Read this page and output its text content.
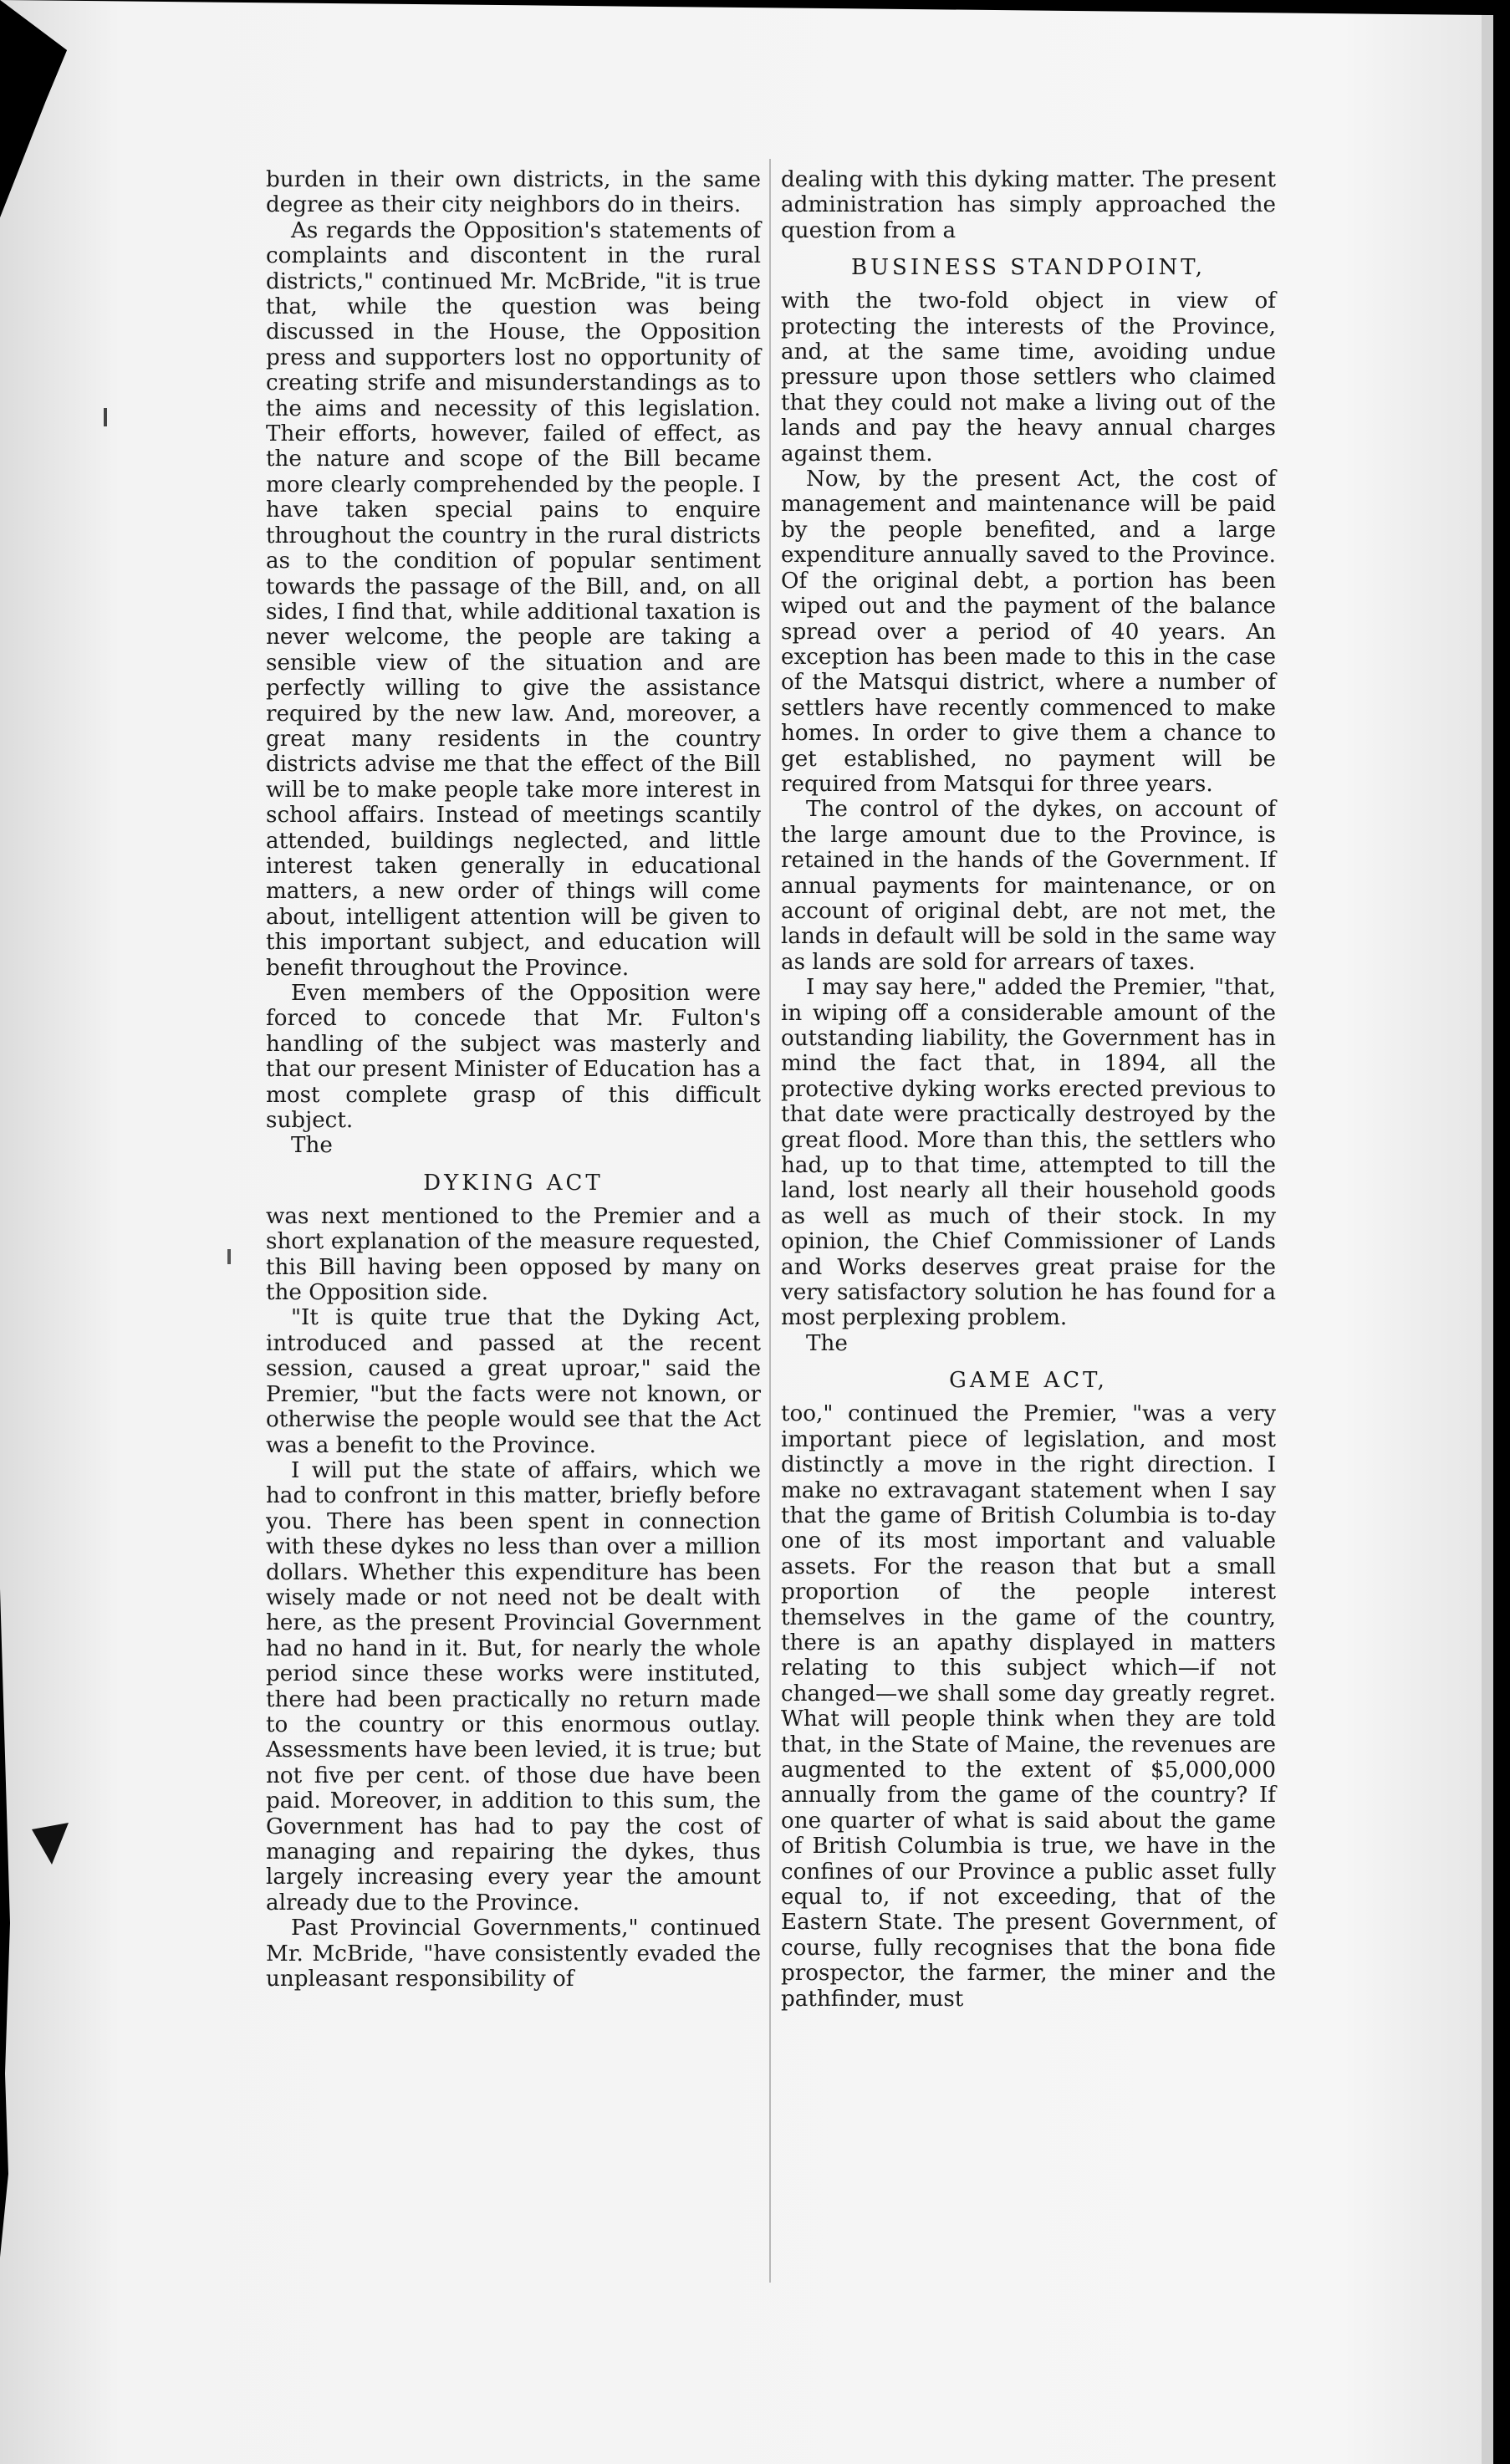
burden in their own districts, in the same degree as their city neighbors do in theirs.

As regards the Opposition's statements of complaints and discontent in the rural districts," continued Mr. McBride, "it is true that, while the question was being discussed in the House, the Opposition press and supporters lost no opportunity of creating strife and misunderstandings as to the aims and necessity of this legislation. Their efforts, however, failed of effect, as the nature and scope of the Bill became more clearly comprehended by the people. I have taken special pains to enquire throughout the country in the rural districts as to the condition of popular sentiment towards the passage of the Bill, and, on all sides, I find that, while additional taxation is never welcome, the people are taking a sensible view of the situation and are perfectly willing to give the assistance required by the new law. And, moreover, a great many residents in the country districts advise me that the effect of the Bill will be to make people take more interest in school affairs. Instead of meetings scantily attended, buildings neglected, and little interest taken generally in educational matters, a new order of things will come about, intelligent attention will be given to this important subject, and education will benefit throughout the Province.

Even members of the Opposition were forced to concede that Mr. Fulton's handling of the subject was masterly and that our present Minister of Education has a most complete grasp of this difficult subject.

The

DYKING ACT

was next mentioned to the Premier and a short explanation of the measure requested, this Bill having been opposed by many on the Opposition side.

"It is quite true that the Dyking Act, introduced and passed at the recent session, caused a great uproar," said the Premier, "but the facts were not known, or otherwise the people would see that the Act was a benefit to the Province.

I will put the state of affairs, which we had to confront in this matter, briefly before you. There has been spent in connection with these dykes no less than over a million dollars. Whether this expenditure has been wisely made or not need not be dealt with here, as the present Provincial Government had no hand in it. But, for nearly the whole period since these works were instituted, there had been practically no return made to the country or this enormous outlay. Assessments have been levied, it is true; but not five per cent. of those due have been paid. Moreover, in addition to this sum, the Government has had to pay the cost of managing and repairing the dykes, thus largely increasing every year the amount already due to the Province.

Past Provincial Governments," continued Mr. McBride, "have consistently evaded the unpleasant responsibility of

dealing with this dyking matter. The present administration has simply approached the question from a

BUSINESS STANDPOINT,

with the two-fold object in view of protecting the interests of the Province, and, at the same time, avoiding undue pressure upon those settlers who claimed that they could not make a living out of the lands and pay the heavy annual charges against them.

Now, by the present Act, the cost of management and maintenance will be paid by the people benefited, and a large expenditure annually saved to the Province. Of the original debt, a portion has been wiped out and the payment of the balance spread over a period of 40 years. An exception has been made to this in the case of the Matsqui district, where a number of settlers have recently commenced to make homes. In order to give them a chance to get established, no payment will be required from Matsqui for three years.

The control of the dykes, on account of the large amount due to the Province, is retained in the hands of the Government. If annual payments for maintenance, or on account of original debt, are not met, the lands in default will be sold in the same way as lands are sold for arrears of taxes.

I may say here," added the Premier, "that, in wiping off a considerable amount of the outstanding liability, the Government has in mind the fact that, in 1894, all the protective dyking works erected previous to that date were practically destroyed by the great flood. More than this, the settlers who had, up to that time, attempted to till the land, lost nearly all their household goods as well as much of their stock. In my opinion, the Chief Commissioner of Lands and Works deserves great praise for the very satisfactory solution he has found for a most perplexing problem.

The

GAME ACT,

too," continued the Premier, "was a very important piece of legislation, and most distinctly a move in the right direction. I make no extravagant statement when I say that the game of British Columbia is to-day one of its most important and valuable assets. For the reason that but a small proportion of the people interest themselves in the game of the country, there is an apathy displayed in matters relating to this subject which—if not changed—we shall some day greatly regret. What will people think when they are told that, in the State of Maine, the revenues are augmented to the extent of $5,000,000 annually from the game of the country? If one quarter of what is said about the game of British Columbia is true, we have in the confines of our Province a public asset fully equal to, if not exceeding, that of the Eastern State. The present Government, of course, fully recognises that the bona fide prospector, the farmer, the miner and the pathfinder, must
